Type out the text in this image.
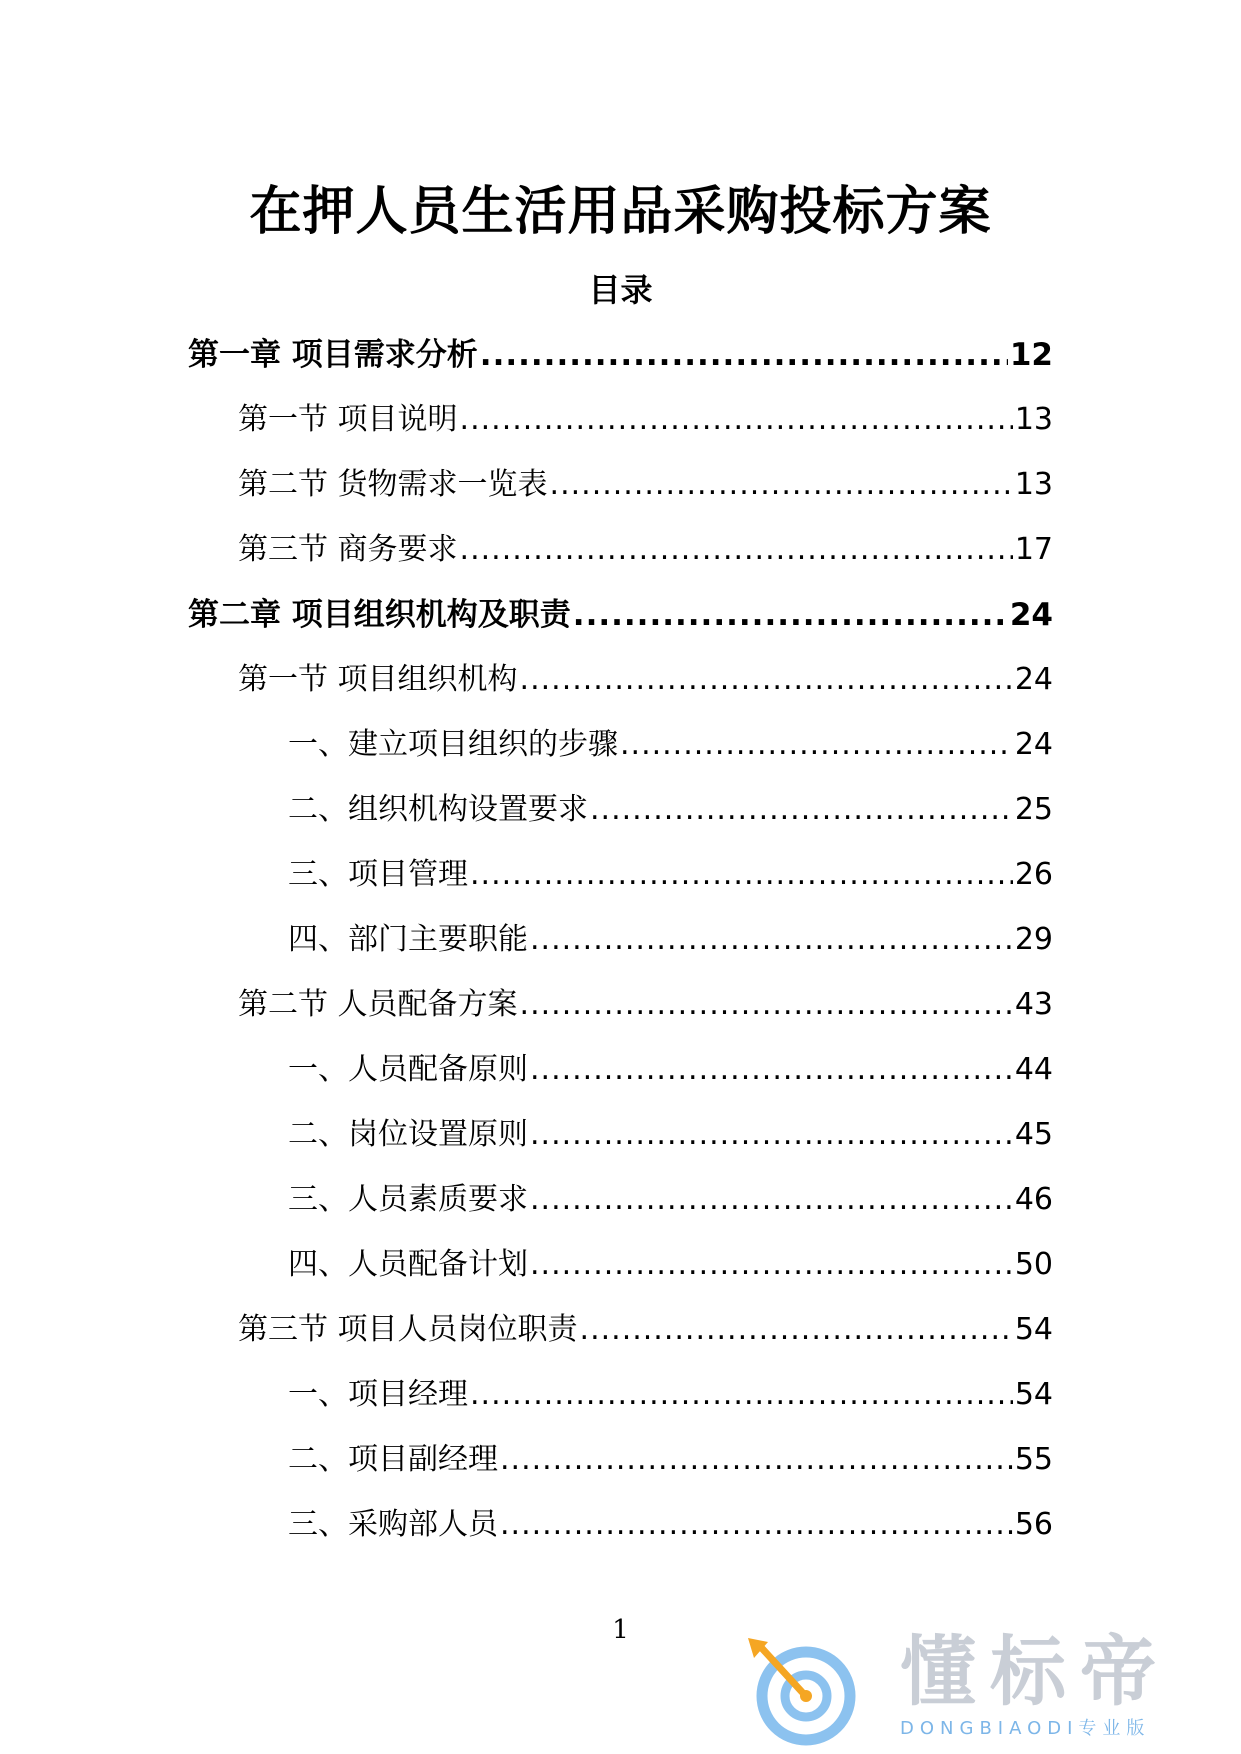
在押人员生活用品采购投标方案
目录
第一章 项目需求分析 .....	12
第一节 项目说明 .....	13
第二节 货物需求一览表 .....	13
第三节 商务要求 .....	17
第二章 项目组织机构及职责 .....	24
第一节 项目组织机构 .....	24
一、建立项目组织的步骤 .....	24
二、组织机构设置要求 .....	25
三、项目管理 .....	26
四、部门主要职能 .....	29
第二节 人员配备方案 .....	43
一、人员配备原则 .....	44
二、岗位设置原则 .....	45
三、人员素质要求 .....	46
四、人员配备计划 .....	50
第三节 项目人员岗位职责 .....	54
一、项目经理 .....	54
二、项目副经理 .....	55
三、采购部人员 .....	56
1	懂标帝
DONGBIAODI专业版
